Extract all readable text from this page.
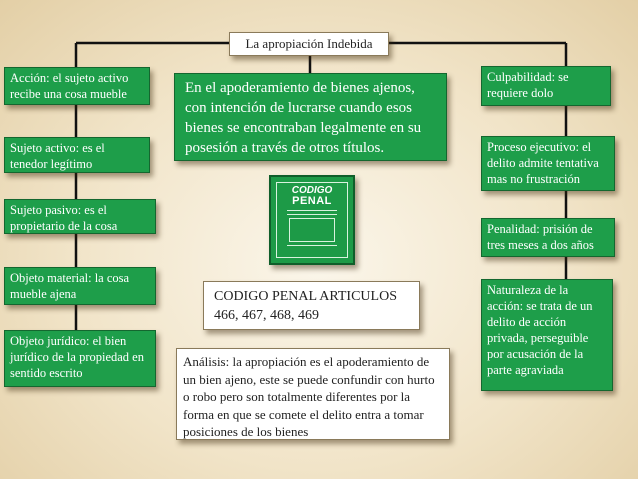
La apropiación Indebida
Acción: el sujeto activo recibe una cosa mueble
Sujeto activo: es el tenedor legítimo
Sujeto pasivo: es el propietario de la cosa
Objeto material: la cosa mueble ajena
Objeto jurídico: el bien jurídico de la propiedad en sentido escrito
Culpabilidad: se requiere dolo
Proceso ejecutivo: el delito admite tentativa mas no frustración
Penalidad: prisión de tres meses a dos años
Naturaleza de la acción: se trata de un delito de acción privada, perseguible por acusación de la parte agraviada
En el apoderamiento de bienes ajenos, con intención de lucrarse cuando esos bienes se encontraban legalmente en su posesión a través de otros títulos.
CODIGO
PENAL
CODIGO PENAL ARTICULOS 466, 467, 468, 469
Análisis: la apropiación es el apoderamiento de un bien ajeno, este se puede confundir con hurto o robo pero son totalmente diferentes por la forma en que se comete el delito entra a tomar posiciones de los bienes
